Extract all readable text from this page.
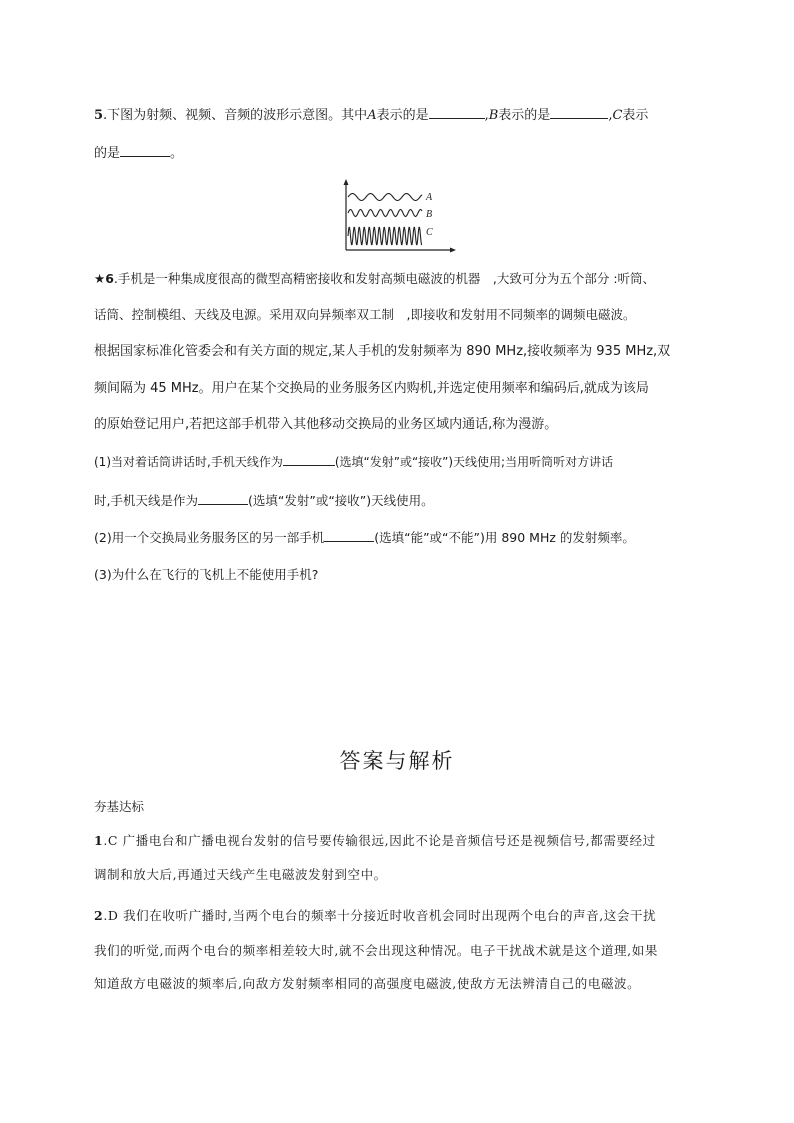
5.下图为射频、视频、音频的波形示意图。其中A表示的是	,B表示的是	,C表示
的是	。
A
B
C
★6.手机是一种集成度很高的微型高精密接收和发射高频电磁波的机器　,大致可分为五个部分 :听筒、
话筒、控制模组、天线及电源。采用双向异频率双工制　,即接收和发射用不同频率的调频电磁波。
根据国家标准化管委会和有关方面的规定,某人手机的发射频率为 890 MHz,接收频率为 935 MHz,双
频间隔为 45 MHz。用户在某个交换局的业务服务区内购机,并选定使用频率和编码后,就成为该局
的原始登记用户,若把这部手机带入其他移动交换局的业务区域内通话,称为漫游。
(1)当对着话筒讲话时,手机天线作为	(选填“发射”或“接收”)天线使用;当用听筒听对方讲话
时,手机天线是作为	(选填“发射”或“接收”)天线使用。
(2)用一个交换局业务服务区的另一部手机	(选填“能”或“不能”)用 890 MHz 的发射频率。
(3)为什么在飞行的飞机上不能使用手机?
答案与解析
夯基达标
1.C 广播电台和广播电视台发射的信号要传输很远,因此不论是音频信号还是视频信号,都需要经过
调制和放大后,再通过天线产生电磁波发射到空中。
2.D 我们在收听广播时,当两个电台的频率十分接近时收音机会同时出现两个电台的声音,这会干扰
我们的听觉,而两个电台的频率相差较大时,就不会出现这种情况。电子干扰战术就是这个道理,如果
知道敌方电磁波的频率后,向敌方发射频率相同的高强度电磁波,使敌方无法辨清自己的电磁波。
